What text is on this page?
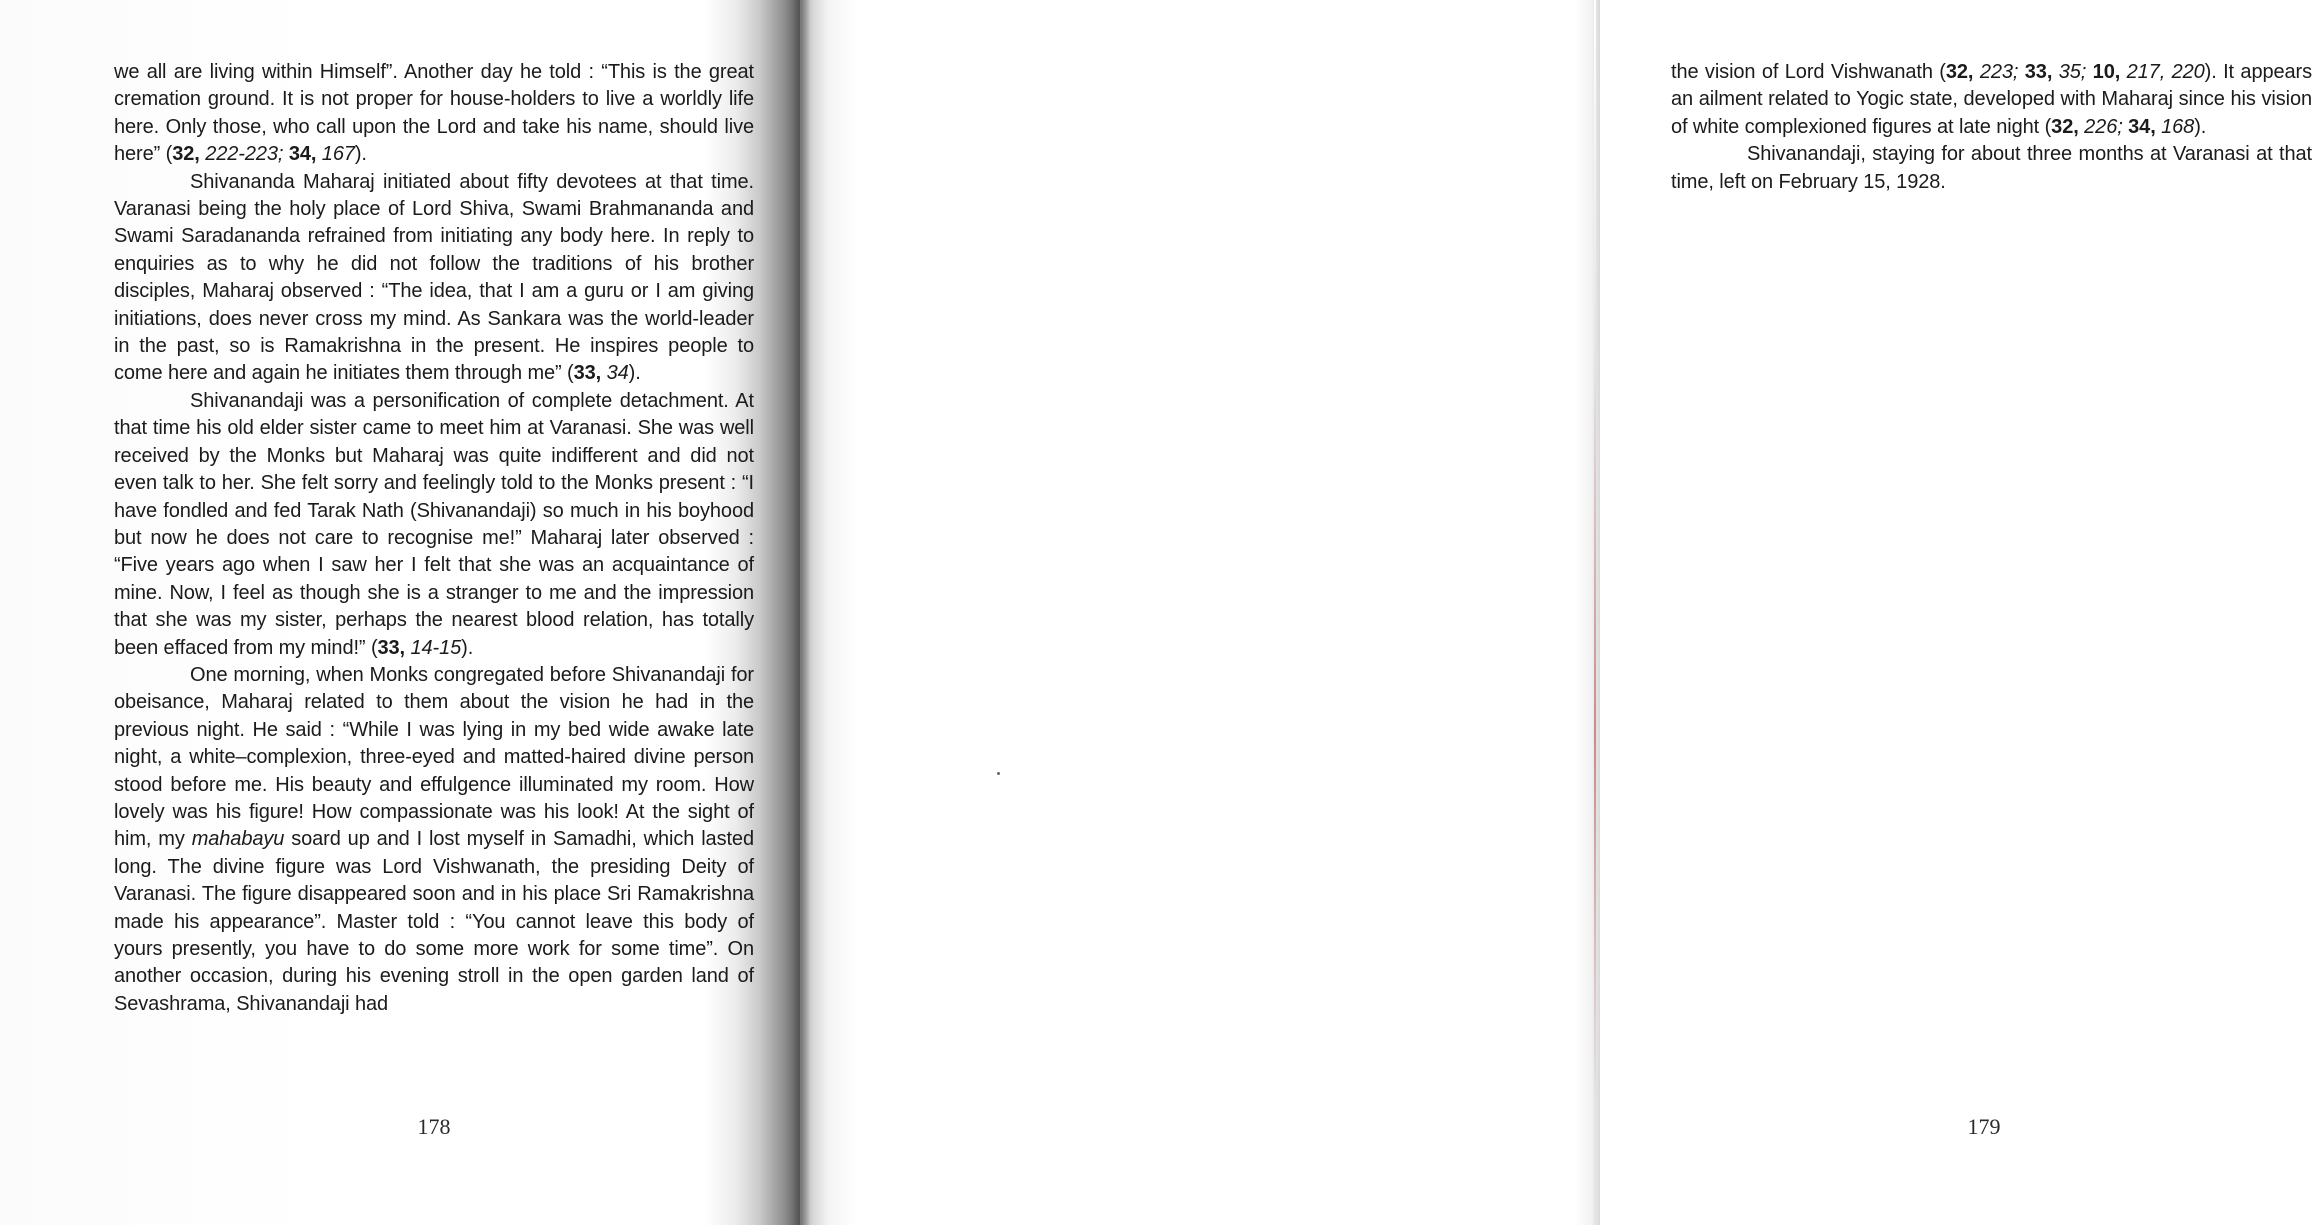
we all are living within Himself”. Another day he told : “This is the great cremation ground. It is not proper for house-holders to live a worldly life here. Only those, who call upon the Lord and take his name, should live here” (32, 222-223; 34, 167).

Shivananda Maharaj initiated about fifty devotees at that time. Varanasi being the holy place of Lord Shiva, Swami Brahmananda and Swami Saradananda refrained from initiating any body here. In reply to enquiries as to why he did not follow the traditions of his brother disciples, Maharaj observed : “The idea, that I am a guru or I am giving initiations, does never cross my mind. As Sankara was the world-leader in the past, so is Ramakrishna in the present. He inspires people to come here and again he initiates them through me” (33, 34).

Shivanandaji was a personification of complete detachment. At that time his old elder sister came to meet him at Varanasi. She was well received by the Monks but Maharaj was quite indifferent and did not even talk to her. She felt sorry and feelingly told to the Monks present : “I have fondled and fed Tarak Nath (Shivanandaji) so much in his boyhood but now he does not care to recognise me!” Maharaj later observed : “Five years ago when I saw her I felt that she was an acquaintance of mine. Now, I feel as though she is a stranger to me and the impression that she was my sister, perhaps the nearest blood relation, has totally been effaced from my mind!” (33, 14-15).

One morning, when Monks congregated before Shivanandaji for obeisance, Maharaj related to them about the vision he had in the previous night. He said : “While I was lying in my bed wide awake late night, a white–complexion, three-eyed and matted-haired divine person stood before me. His beauty and effulgence illuminated my room. How lovely was his figure! How compassionate was his look! At the sight of him, my mahabayu soard up and I lost myself in Samadhi, which lasted long. The divine figure was Lord Vishwanath, the presiding Deity of Varanasi. The figure disappeared soon and in his place Sri Ramakrishna made his appearance”. Master told : “You cannot leave this body of yours presently, you have to do some more work for some time”. On another occasion, during his evening stroll in the open garden land of Sevashrama, Shivanandaji had

178

the vision of Lord Vishwanath (32, 223; 33, 35; 10, 217, 220). It appears an ailment related to Yogic state, developed with Maharaj since his vision of white complexioned figures at late night (32, 226; 34, 168).

Shivanandaji, staying for about three months at Varanasi at that time, left on February 15, 1928.

179
